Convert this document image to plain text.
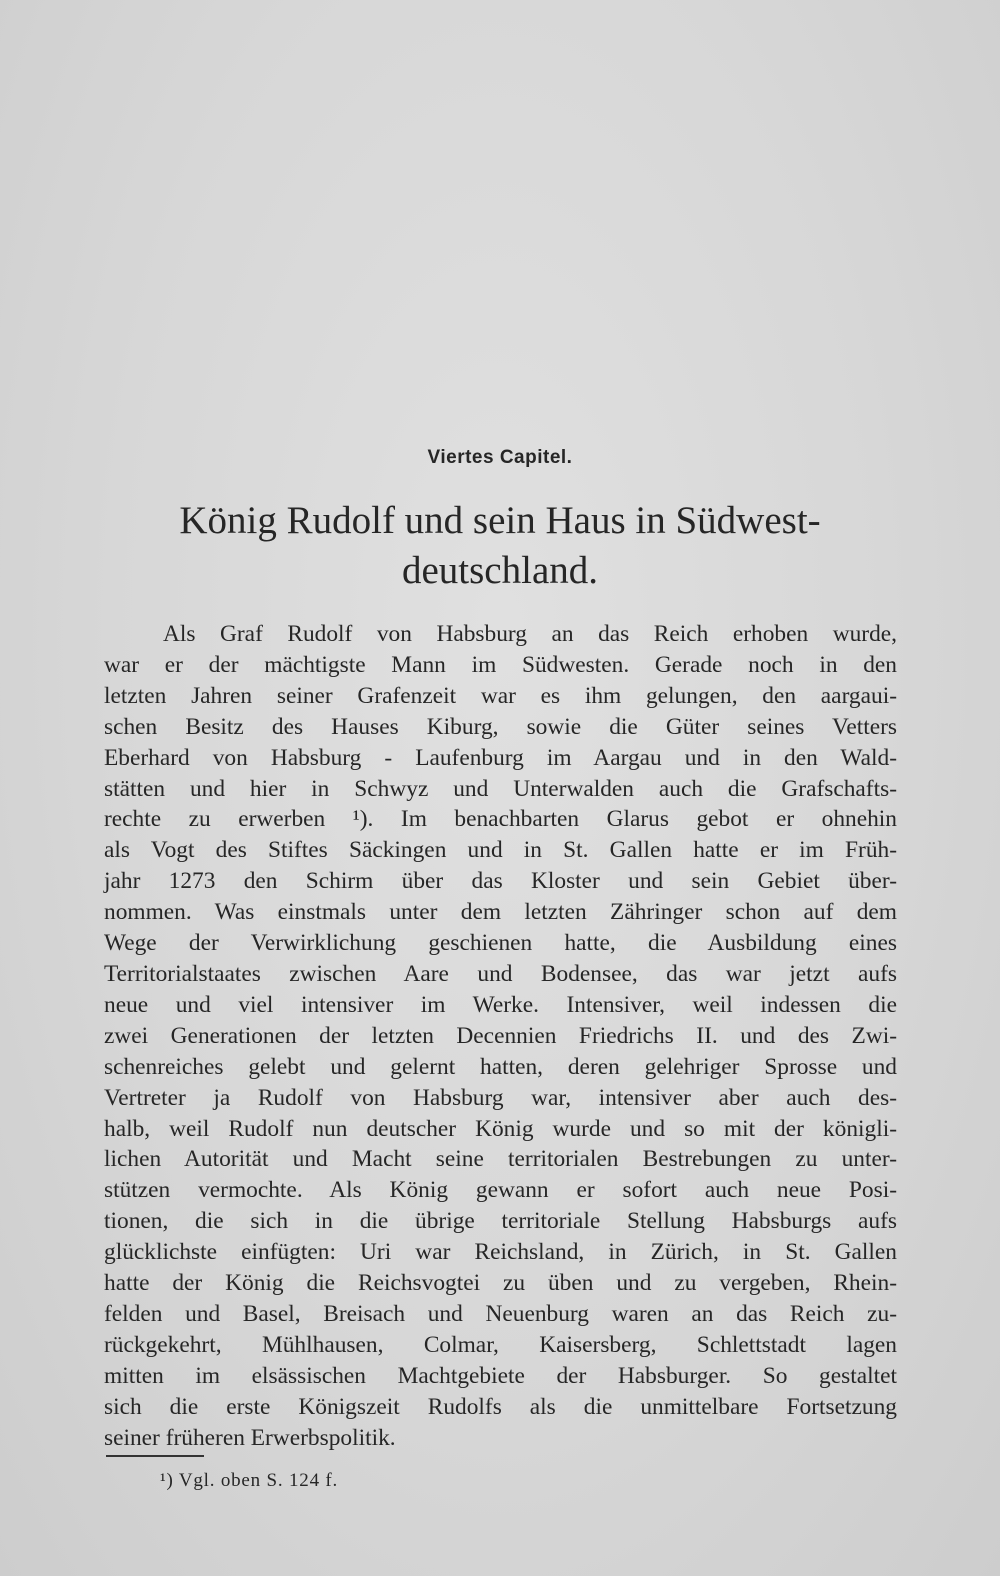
Viertes Capitel.
König Rudolf und sein Haus in Südwest-
deutschland.
Als Graf Rudolf von Habsburg an das Reich erhoben wurde,
war er der mächtigste Mann im Südwesten. Gerade noch in den
letzten Jahren seiner Grafenzeit war es ihm gelungen, den aargaui-
schen Besitz des Hauses Kiburg, sowie die Güter seines Vetters
Eberhard von Habsburg - Laufenburg im Aargau und in den Wald-
stätten und hier in Schwyz und Unterwalden auch die Grafschafts-
rechte zu erwerben ¹). Im benachbarten Glarus gebot er ohnehin
als Vogt des Stiftes Säckingen und in St. Gallen hatte er im Früh-
jahr 1273 den Schirm über das Kloster und sein Gebiet über-
nommen. Was einstmals unter dem letzten Zähringer schon auf dem
Wege der Verwirklichung geschienen hatte, die Ausbildung eines
Territorialstaates zwischen Aare und Bodensee, das war jetzt aufs
neue und viel intensiver im Werke. Intensiver, weil indessen die
zwei Generationen der letzten Decennien Friedrichs II. und des Zwi-
schenreiches gelebt und gelernt hatten, deren gelehriger Sprosse und
Vertreter ja Rudolf von Habsburg war, intensiver aber auch des-
halb, weil Rudolf nun deutscher König wurde und so mit der königli-
lichen Autorität und Macht seine territorialen Bestrebungen zu unter-
stützen vermochte. Als König gewann er sofort auch neue Posi-
tionen, die sich in die übrige territoriale Stellung Habsburgs aufs
glücklichste einfügten: Uri war Reichsland, in Zürich, in St. Gallen
hatte der König die Reichsvogtei zu üben und zu vergeben, Rhein-
felden und Basel, Breisach und Neuenburg waren an das Reich zu-
rückgekehrt, Mühlhausen, Colmar, Kaisersberg, Schlettstadt lagen
mitten im elsässischen Machtgebiete der Habsburger. So gestaltet
sich die erste Königszeit Rudolfs als die unmittelbare Fortsetzung
seiner früheren Erwerbspolitik.
¹) Vgl. oben S. 124 f.
